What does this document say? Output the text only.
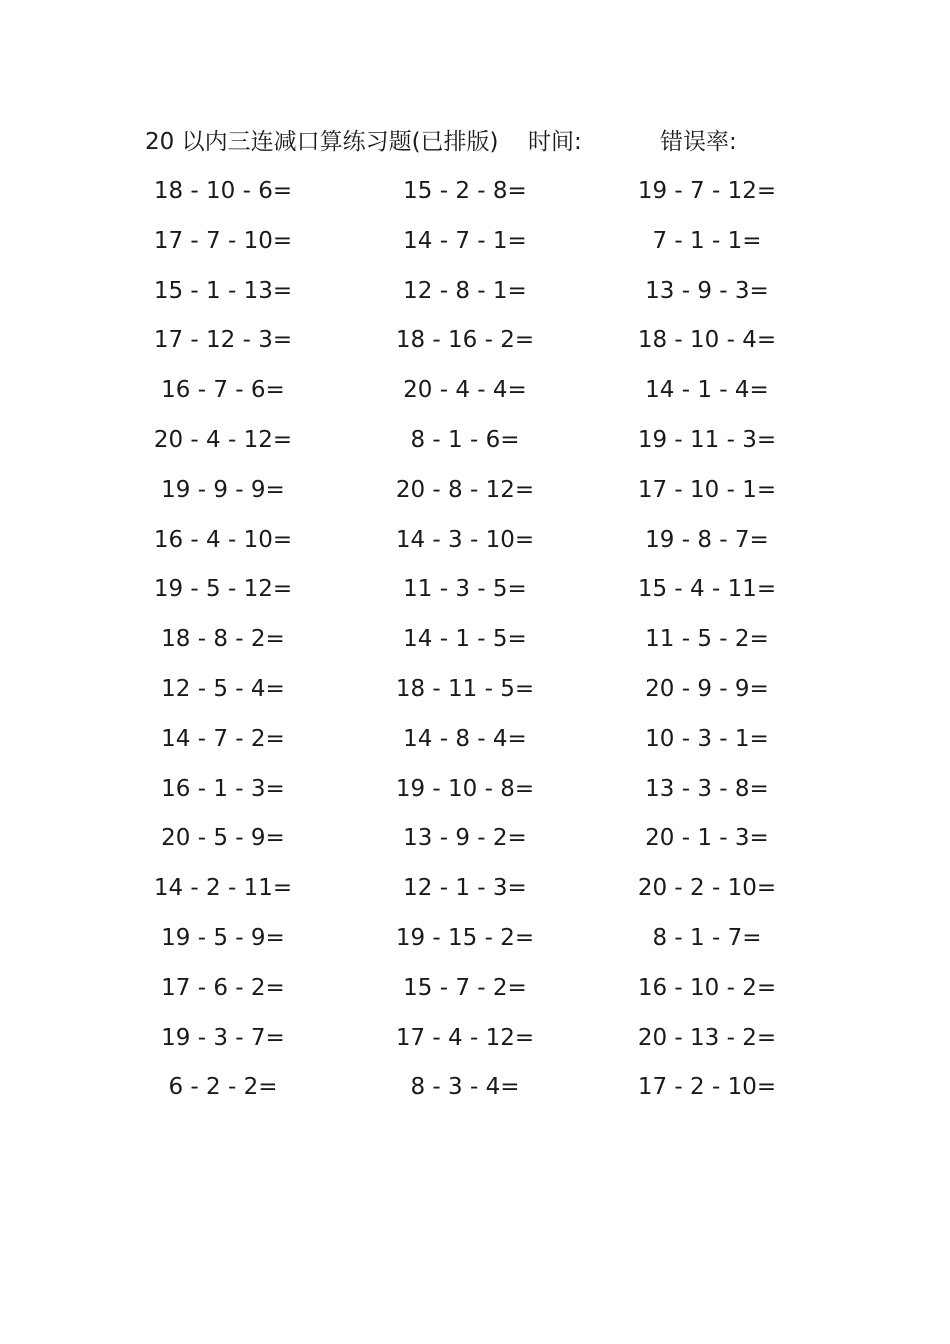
20 以内三连减口算练习题(已排版) 时间:	错误率:
18 - 10 - 6=	15 - 2 - 8=	19 - 7 - 12=
17 - 7 - 10=	14 - 7 - 1=	7 - 1 - 1=
15 - 1 - 13=	12 - 8 - 1=	13 - 9 - 3=
17 - 12 - 3=	18 - 16 - 2=	18 - 10 - 4=
16 - 7 - 6=	20 - 4 - 4=	14 - 1 - 4=
20 - 4 - 12=	8 - 1 - 6=	19 - 11 - 3=
19 - 9 - 9=	20 - 8 - 12=	17 - 10 - 1=
16 - 4 - 10=	14 - 3 - 10=	19 - 8 - 7=
19 - 5 - 12=	11 - 3 - 5=	15 - 4 - 11=
18 - 8 - 2=	14 - 1 - 5=	11 - 5 - 2=
12 - 5 - 4=	18 - 11 - 5=	20 - 9 - 9=
14 - 7 - 2=	14 - 8 - 4=	10 - 3 - 1=
16 - 1 - 3=	19 - 10 - 8=	13 - 3 - 8=
20 - 5 - 9=	13 - 9 - 2=	20 - 1 - 3=
14 - 2 - 11=	12 - 1 - 3=	20 - 2 - 10=
19 - 5 - 9=	19 - 15 - 2=	8 - 1 - 7=
17 - 6 - 2=	15 - 7 - 2=	16 - 10 - 2=
19 - 3 - 7=	17 - 4 - 12=	20 - 13 - 2=
6 - 2 - 2=	8 - 3 - 4=	17 - 2 - 10=
